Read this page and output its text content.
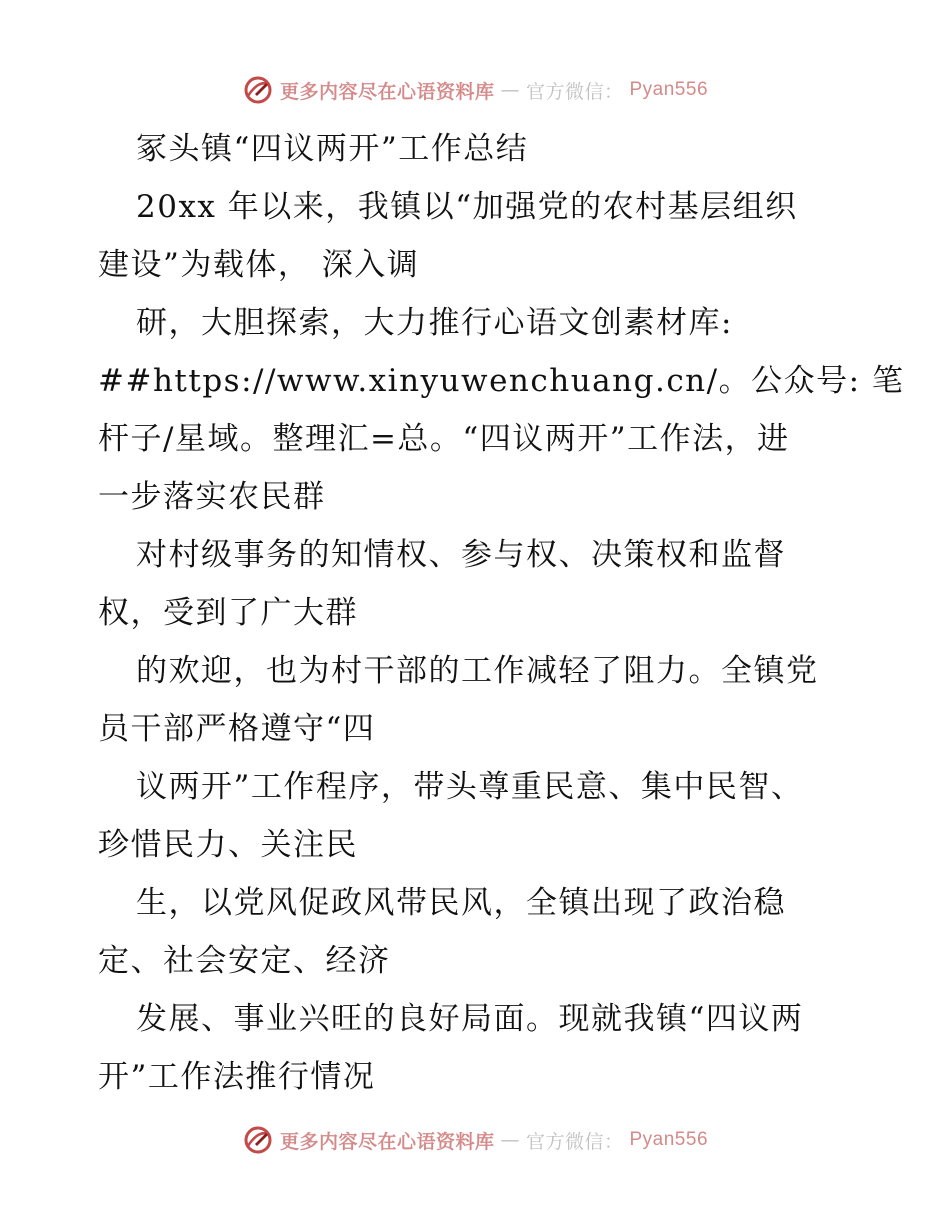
更多内容尽在心语资料库 — 官方微信： Pyan556
冢头镇“四议两开”工作总结
20xx 年以来，我镇以“加强党的农村基层组织
建设”为载体， 深入调
研，大胆探索，大力推行心语文创素材库:
##https://www.xinyuwenchuang.cn/。公众号: 笔
杆子/星域。整理汇=总。“四议两开”工作法，进
一步落实农民群
对村级事务的知情权、参与权、决策权和监督
权，受到了广大群
的欢迎，也为村干部的工作减轻了阻力。全镇党
员干部严格遵守“四
议两开”工作程序，带头尊重民意、集中民智、
珍惜民力、关注民
生，以党风促政风带民风，全镇出现了政治稳
定、社会安定、经济
发展、事业兴旺的良好局面。现就我镇“四议两
开”工作法推行情况
更多内容尽在心语资料库 — 官方微信： Pyan556
